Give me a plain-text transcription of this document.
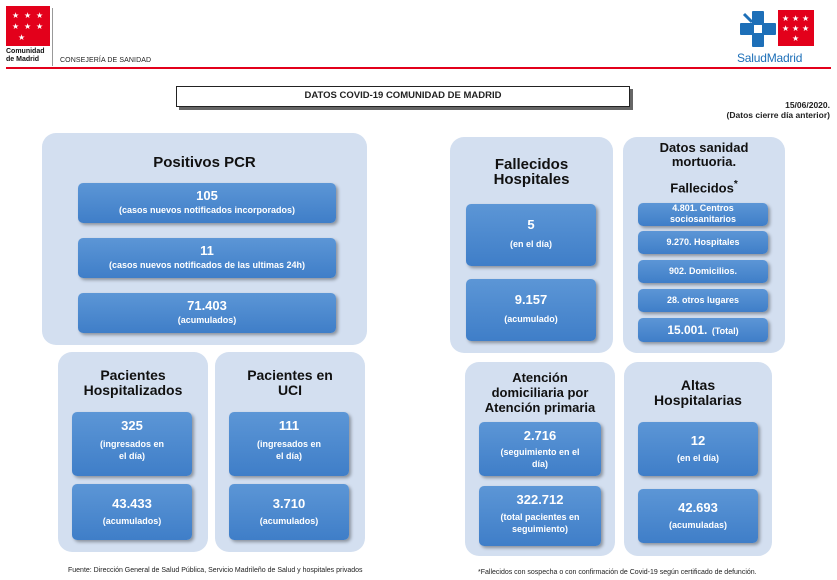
★ ★ ★
★ ★ ★
★
Comunidad
de Madrid	CONSEJERÍA DE SANIDAD
★ ★ ★
★ ★ ★
★
SaludMadrid
DATOS COVID-19 COMUNIDAD DE MADRID
15/06/2020.
(Datos cierre día anterior)
Positivos PCR
105
(casos nuevos notificados incorporados)
11
(casos nuevos notificados de las ultimas 24h)
71.403
(acumulados)
Pacientes
Hospitalizados
325
(ingresados en
el día)
43.433
(acumulados)
Pacientes en
UCI
111
(ingresados en
el día)
3.710
(acumulados)
Fallecidos
Hospitales
5
(en el día)
9.157
(acumulado)
Datos sanidad
mortuoria.
Fallecidos*
4.801. Centros
sociosanitarios
9.270. Hospitales
902. Domicilios.
28. otros lugares
15.001. (Total)
Atención
domiciliaria por
Atención primaria
2.716
(seguimiento en el
día)
322.712
(total pacientes en
seguimiento)
Altas
Hospitalarias
12
(en el día)
42.693
(acumuladas)
Fuente: Dirección General de Salud Pública, Servicio Madrileño de Salud y hospitales privados	*Fallecidos con sospecha o con confirmación de Covid-19 según certificado de defunción.
